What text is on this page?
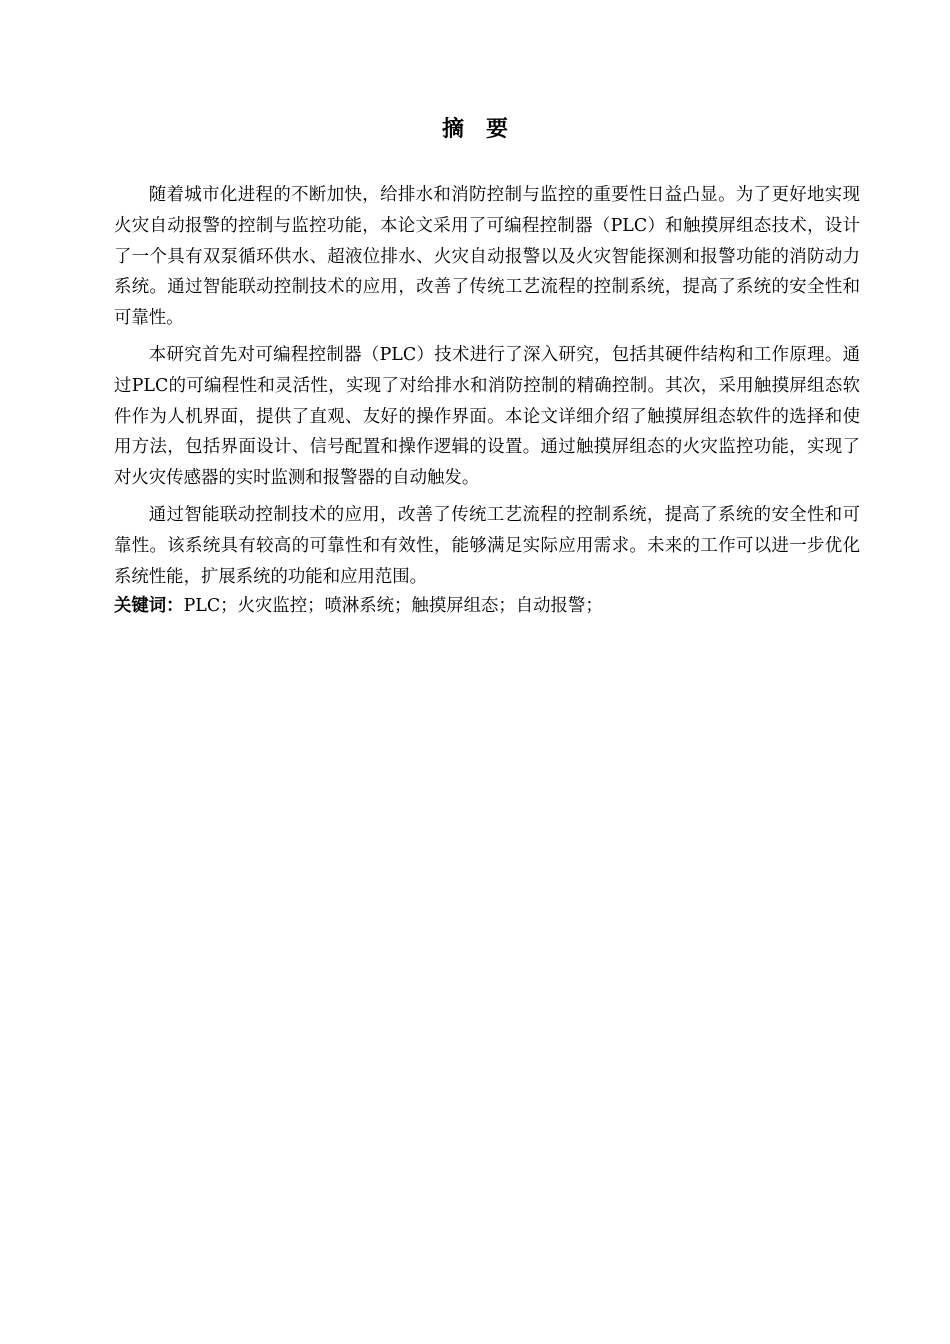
摘 要

随着城市化进程的不断加快，给排水和消防控制与监控的重要性日益凸显。为了更好地实现火灾自动报警的控制与监控功能，本论文采用了可编程控制器（PLC）和触摸屏组态技术，设计了一个具有双泵循环供水、超液位排水、火灾自动报警以及火灾智能探测和报警功能的消防动力系统。通过智能联动控制技术的应用，改善了传统工艺流程的控制系统，提高了系统的安全性和可靠性。

本研究首先对可编程控制器（PLC）技术进行了深入研究，包括其硬件结构和工作原理。通过PLC的可编程性和灵活性，实现了对给排水和消防控制的精确控制。其次，采用触摸屏组态软件作为人机界面，提供了直观、友好的操作界面。本论文详细介绍了触摸屏组态软件的选择和使用方法，包括界面设计、信号配置和操作逻辑的设置。通过触摸屏组态的火灾监控功能，实现了对火灾传感器的实时监测和报警器的自动触发。

通过智能联动控制技术的应用，改善了传统工艺流程的控制系统，提高了系统的安全性和可靠性。该系统具有较高的可靠性和有效性，能够满足实际应用需求。未来的工作可以进一步优化系统性能，扩展系统的功能和应用范围。

关键词：PLC；火灾监控；喷淋系统；触摸屏组态；自动报警；
